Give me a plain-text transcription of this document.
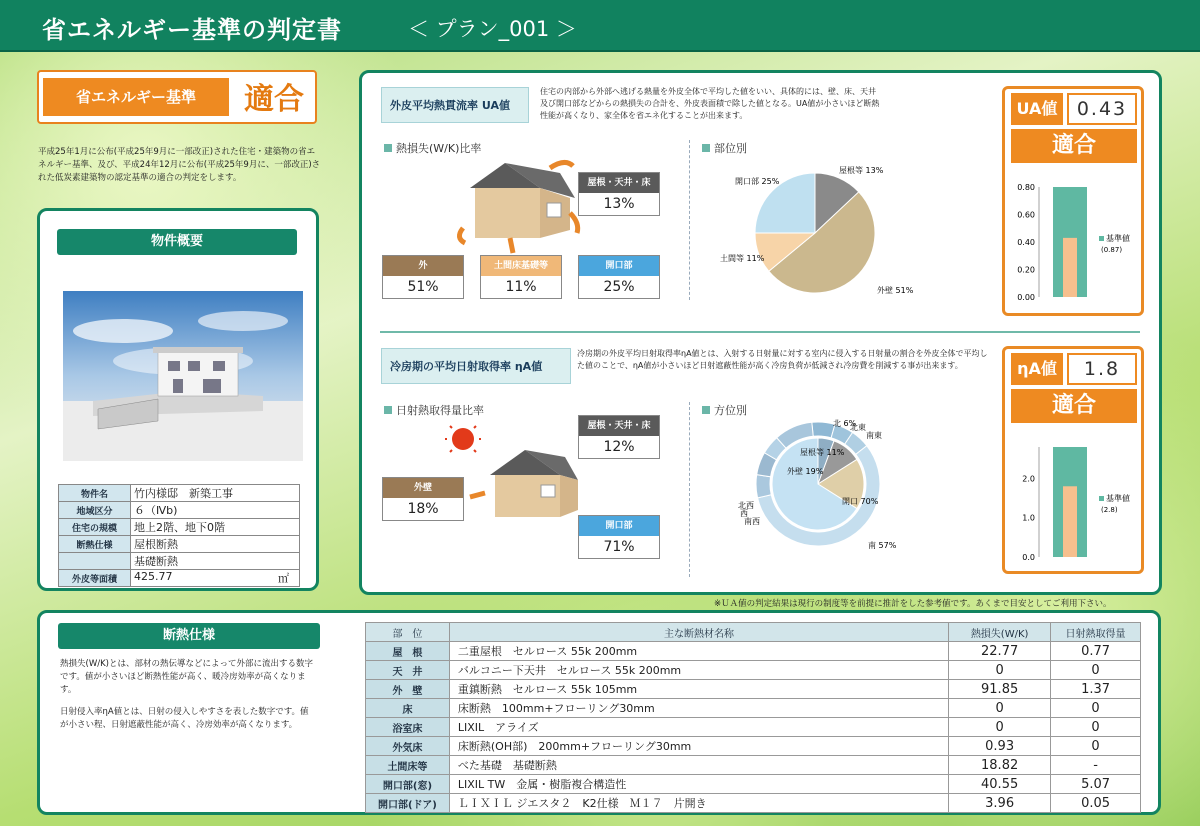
省エネルギー基準の判定書	＜ プラン_001 ＞
省エネルギー基準	適合
平成25年1月に公布(平成25年9月に一部改正)された住宅・建築物の省エネルギー基準、及び、平成24年12月に公布(平成25年9月に、一部改正)された低炭素建築物の認定基準の適合の判定をします。
物件概要
物件名	竹内様邸　新築工事
地域区分	６（Ⅳb)
住宅の規模	地上2階、地下0階
断熱仕様	屋根断熱
	基礎断熱
外皮等面積	425.77 ㎡
外皮平均熱貫流率 UA値
住宅の内部から外部へ逃げる熱量を外皮全体で平均した値をいい、具体的には、壁、床、天井及び開口部などからの熱損失の合計を、外皮表面積で除した値となる。UA値が小さいほど断熱性能が高くなり、家全体を省エネ化することが出来ます。
熱損失(W/K)比率	部位別
屋根・天井・床
13%
外
51%
土間床基礎等
11%
開口部
25%
屋根等 13%
外壁 51%
土間等 11%
開口部 25%
UA値	0.43
適合
0.00
0.20
0.40
0.60
0.80
基準値
(0.87)
冷房期の平均日射取得率 ηA値
冷房期の外皮平均日射取得率ηA値とは、入射する日射量に対する室内に侵入する日射量の割合を外皮全体で平均した値のことで、ηA値が小さいほど日射遮蔽性能が高く冷房負荷が低減され冷房費を削減する事が出来ます。
日射熱取得量比率	方位別
屋根・天井・床
12%
外壁
18%
開口部
71%
北 6%
北東
南東
屋根等 11%
外壁 19%
開口 70%
南 57%
北西
西
南西
ηA値	1.8
適合
0.0
1.0
2.0
基準値
(2.8)
※ＵＡ値の判定結果は現行の制度等を前提に推計をした参考値です。あくまで目安としてご利用下さい。
断熱仕様
熱損失(W/K)とは、部材の熱伝導などによって外部に流出する数字です。値が小さいほど断熱性能が高く、暖冷房効率が高くなります。
日射侵入率ηA値とは、日射の侵入しやすさを表した数字です。値が小さい程、日射遮蔽性能が高く、冷房効率が高くなります。
部　位	主な断熱材名称	熱損失(W/K)	日射熱取得量
屋　根	二重屋根　セルロース 55k 200mm	22.77	0.77
天　井	バルコニー下天井　セルロース 55k 200mm	0	0
外　壁	重鎮断熱　セルロース 55k 105mm	91.85	1.37
床	床断熱　100mm+フローリング30mm	0	0
浴室床	LIXIL　アライズ	0	0
外気床	床断熱(OH部)　200mm+フローリング30mm	0.93	0
土間床等	べた基礎　基礎断熱	18.82	-
開口部(窓)	LIXIL TW　金属・樹脂複合構造性	40.55	5.07
開口部(ドア)	ＬＩＸＩＬ ジエスタ２　K2仕様　Ｍ１７　片開き	3.96	0.05
